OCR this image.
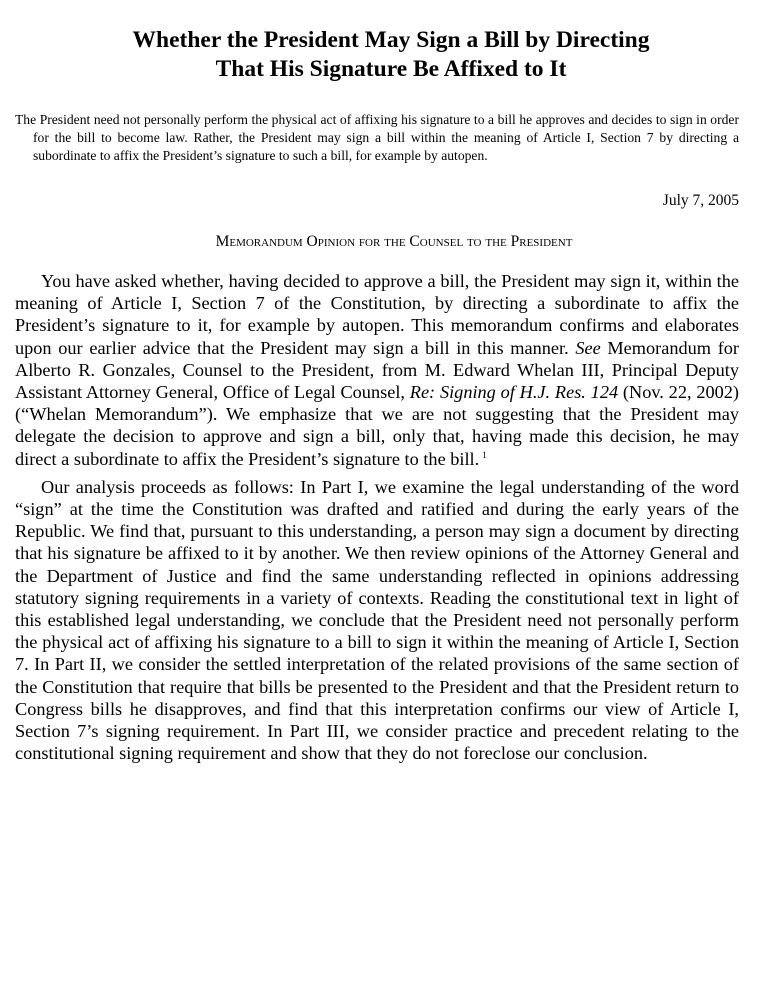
Whether the President May Sign a Bill by Directing
That His Signature Be Affixed to It

The President need not personally perform the physical act of affixing his signature to a bill he approves and decides to sign in order for the bill to become law. Rather, the President may sign a bill within the meaning of Article I, Section 7 by directing a subordinate to affix the President’s signature to such a bill, for example by autopen.

July 7, 2005
Memorandum Opinion for the Counsel to the President

You have asked whether, having decided to approve a bill, the President may sign it, within the meaning of Article I, Section 7 of the Constitution, by directing a subordinate to affix the President’s signature to it, for example by autopen. This memorandum confirms and elaborates upon our earlier advice that the President may sign a bill in this manner. See Memorandum for Alberto R. Gonzales, Counsel to the President, from M. Edward Whelan III, Principal Deputy Assistant Attorney General, Office of Legal Counsel, Re: Signing of H.J. Res. 124 (Nov. 22, 2002) (“Whelan Memorandum”). We emphasize that we are not suggesting that the President may delegate the decision to approve and sign a bill, only that, having made this decision, he may direct a subordinate to affix the President’s signature to the bill. $^1$

Our analysis proceeds as follows: In Part I, we examine the legal understanding of the word “sign” at the time the Constitution was drafted and ratified and during the early years of the Republic. We find that, pursuant to this understanding, a person may sign a document by directing that his signature be affixed to it by another. We then review opinions of the Attorney General and the Department of Justice and find the same understanding reflected in opinions addressing statutory signing requirements in a variety of contexts. Reading the constitutional text in light of this established legal understanding, we conclude that the President need not personally perform the physical act of affixing his signature to a bill to sign it within the meaning of Article I, Section 7. In Part II, we consider the settled interpretation of the related provisions of the same section of the Constitution that require that bills be presented to the President and that the President return to Congress bills he disapproves, and find that this interpretation confirms our view of Article I, Section 7’s signing requirement. In Part III, we consider practice and precedent relating to the constitutional signing requirement and show that they do not foreclose our conclusion.
